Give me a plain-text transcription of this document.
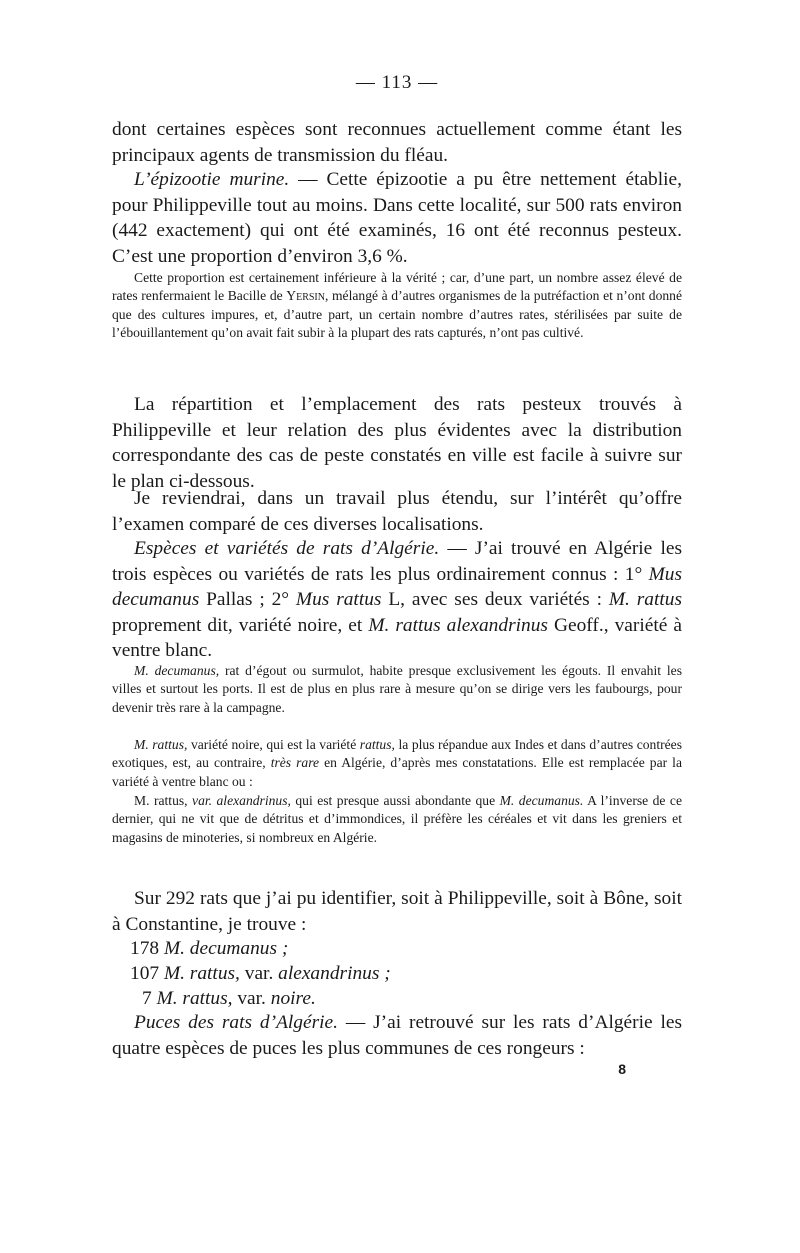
— 113 —

dont certaines espèces sont reconnues actuellement comme étant les principaux agents de transmission du fléau.

L’épizootie murine. — Cette épizootie a pu être nettement établie, pour Philippeville tout au moins. Dans cette localité, sur 500 rats environ (442 exactement) qui ont été examinés, 16 ont été reconnus pesteux. C’est une proportion d’environ 3,6 %.

Cette proportion est certainement inférieure à la vérité ; car, d’une part, un nombre assez élevé de rates renfermaient le Bacille de Yersin, mélangé à d’autres organismes de la putréfaction et n’ont donné que des cultures impures, et, d’autre part, un certain nombre d’autres rates, stérilisées par suite de l’ébouillantement qu’on avait fait subir à la plupart des rats capturés, n’ont pas cultivé.

La répartition et l’emplacement des rats pesteux trouvés à Philippeville et leur relation des plus évidentes avec la distribution correspondante des cas de peste constatés en ville est facile à suivre sur le plan ci-dessous.

Je reviendrai, dans un travail plus étendu, sur l’intérêt qu’offre l’examen comparé de ces diverses localisations.

Espèces et variétés de rats d’Algérie. — J’ai trouvé en Algérie les trois espèces ou variétés de rats les plus ordinairement connus : 1° Mus decumanus Pallas ; 2° Mus rattus L, avec ses deux variétés : M. rattus proprement dit, variété noire, et M. rattus alexandrinus Geoff., variété à ventre blanc.

M. decumanus, rat d’égout ou surmulot, habite presque exclusivement les égouts. Il envahit les villes et surtout les ports. Il est de plus en plus rare à mesure qu’on se dirige vers les faubourgs, pour devenir très rare à la campagne.

M. rattus, variété noire, qui est la variété rattus, la plus répandue aux Indes et dans d’autres contrées exotiques, est, au contraire, très rare en Algérie, d’après mes constatations. Elle est remplacée par la variété à ventre blanc ou :

M. rattus, var. alexandrinus, qui est presque aussi abondante que M. decumanus. A l’inverse de ce dernier, qui ne vit que de détritus et d’immondices, il préfère les céréales et vit dans les greniers et magasins de minoteries, si nombreux en Algérie.

Sur 292 rats que j’ai pu identifier, soit à Philippeville, soit à Bône, soit à Constantine, je trouve :

178 M. decumanus ;
107 M. rattus, var. alexandrinus ;
7 M. rattus, var. noire.

Puces des rats d’Algérie. — J’ai retrouvé sur les rats d’Algérie les quatre espèces de puces les plus communes de ces rongeurs :

8
